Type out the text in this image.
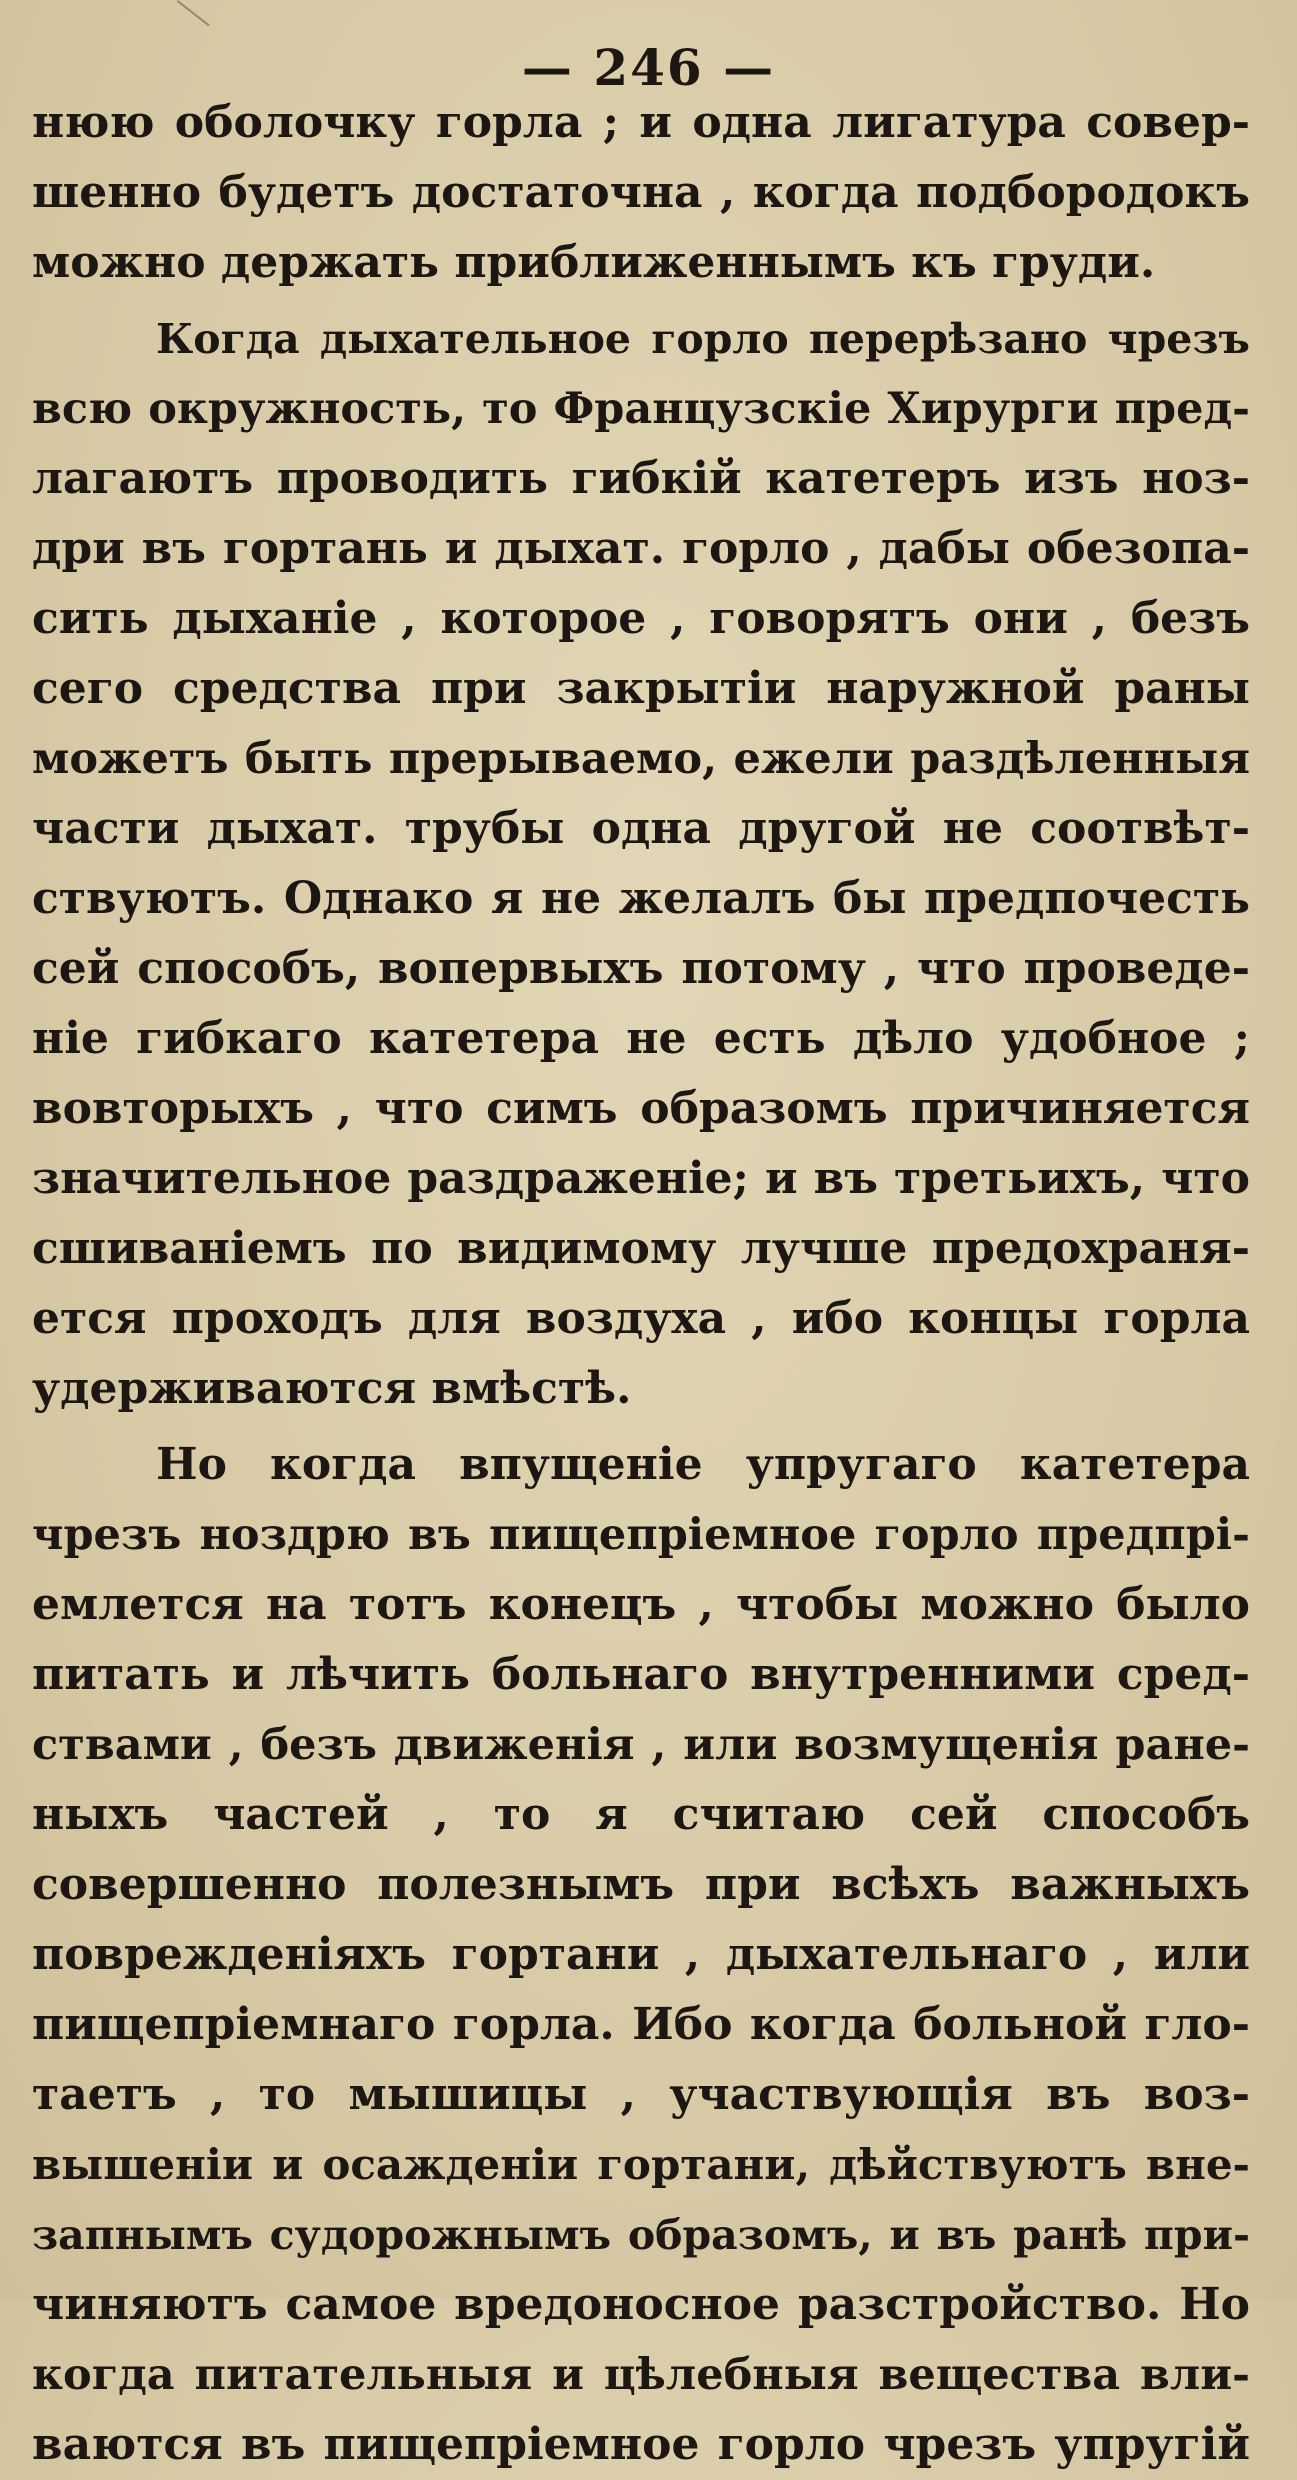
— 246 —
нюю оболочку горла ; и одна лигатура совер-
шенно будетъ достаточна , когда подбородокъ
можно держать приближеннымъ къ груди.
Когда дыхательное горло перерѣзано чрезъ
всю окружность, то Французскіе Хирурги пред-
лагаютъ проводить гибкій катетеръ изъ ноз-
дри въ гортань и дыхат. горло , дабы обезопа-
сить дыханіе , которое , говорятъ они , безъ
сего средства при закрытіи наружной раны
можетъ быть прерываемо, ежели раздѣленныя
части дыхат. трубы одна другой не соотвѣт-
ствуютъ. Однако я не желалъ бы предпочесть
сей способъ, вопервыхъ потому , что проведе-
ніе гибкаго катетера не есть дѣло удобное ;
вовторыхъ , что симъ образомъ причиняется
значительное раздраженіе; и въ третьихъ, что
сшиваніемъ по видимому лучше предохраня-
ется проходъ для воздуха , ибо концы горла
удерживаются вмѣстѣ.
Но когда впущеніе упругаго катетера
чрезъ ноздрю въ пищепріемное горло предпрі-
емлется на тотъ конецъ , чтобы можно было
питать и лѣчить больнаго внутренними сред-
ствами , безъ движенія , или возмущенія ране-
ныхъ частей , то я считаю сей способъ
совершенно полезнымъ при всѣхъ важныхъ
поврежденіяхъ гортани , дыхательнаго , или
пищепріемнаго горла. Ибо когда больной гло-
таетъ , то мышицы , участвующія въ воз-
вышеніи и осажденіи гортани, дѣйствуютъ вне-
запнымъ судорожнымъ образомъ, и въ ранѣ при-
чиняютъ самое вредоносное разстройство. Но
когда питательныя и цѣлебныя вещества вли-
ваются въ пищепріемное горло чрезъ упругій
